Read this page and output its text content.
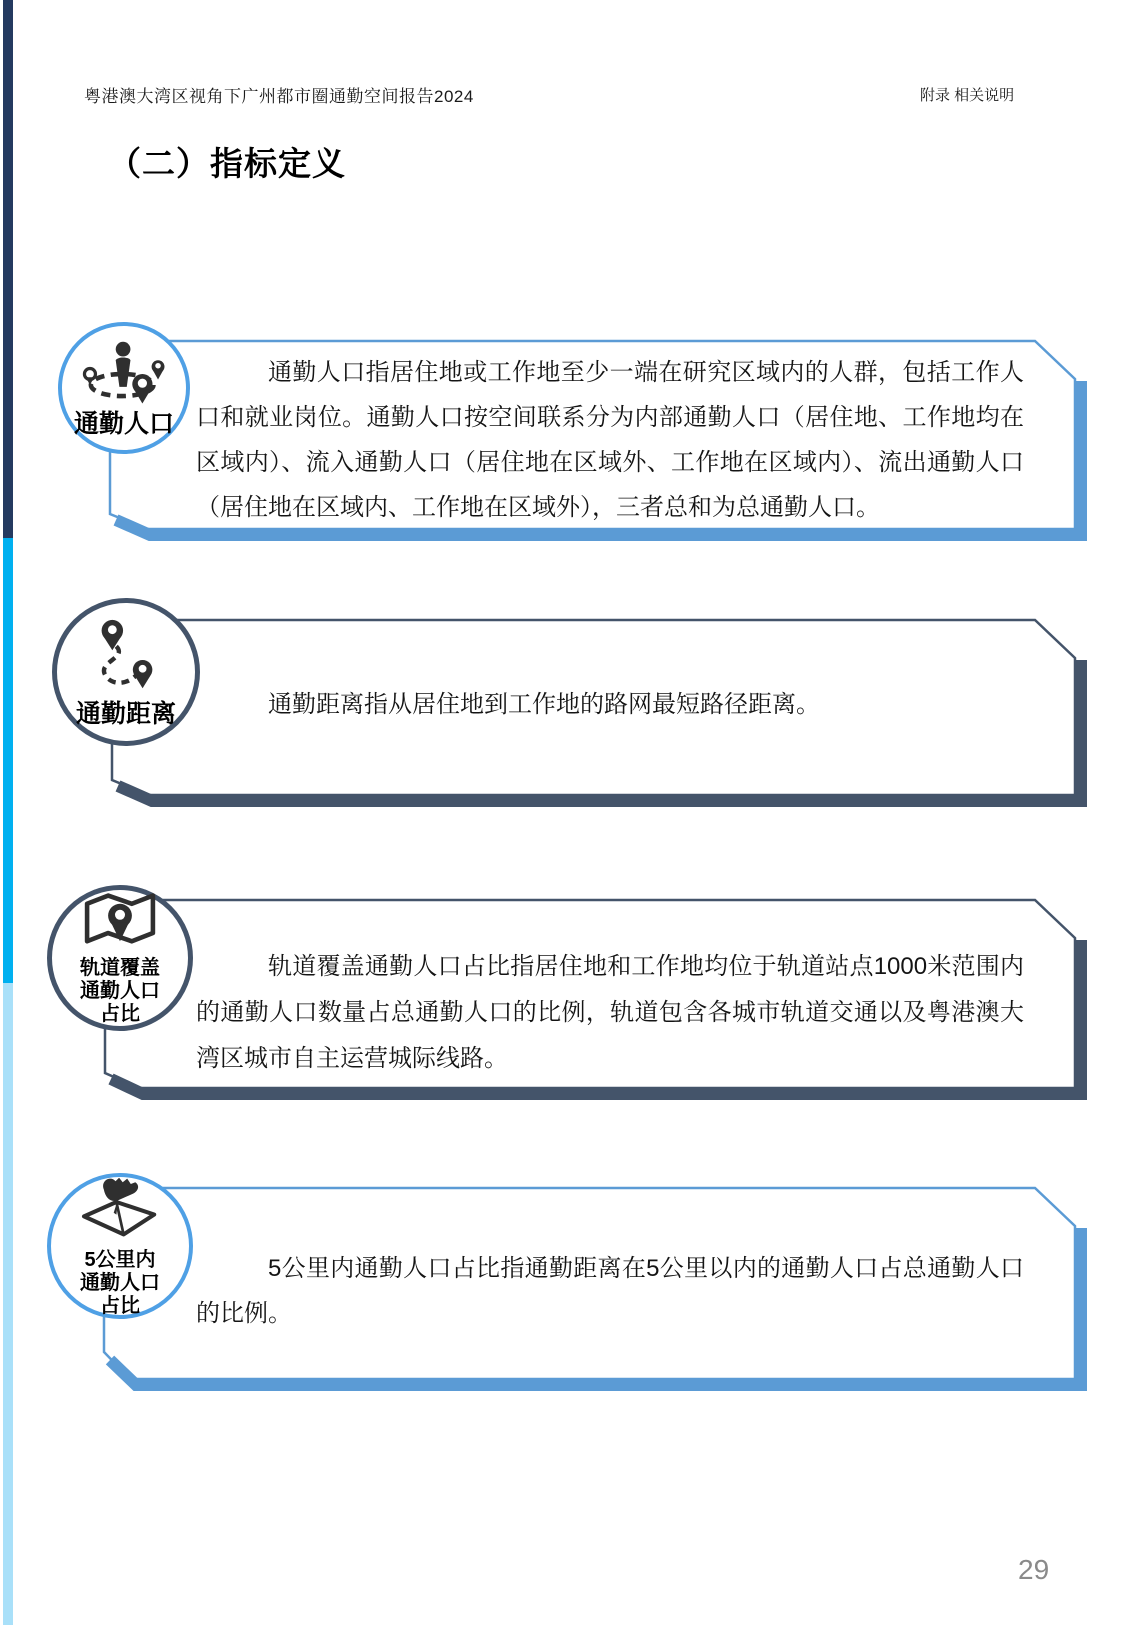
粤港澳大湾区视角下广州都市圈通勤空间报告2024	附录 相关说明
（二）指标定义
通勤人口
通勤距离
轨道覆盖
通勤人口
占比
5公里内
通勤人口
占比

通勤人口指居住地或工作地至少一端在研究区域内的人群，包括工作人口和就业岗位。通勤人口按空间联系分为内部通勤人口（居住地、工作地均在区域内）、流入通勤人口（居住地在区域外、工作地在区域内）、流出通勤人口（居住地在区域内、工作地在区域外），三者总和为总通勤人口。

通勤距离指从居住地到工作地的路网最短路径距离。

轨道覆盖通勤人口占比指居住地和工作地均位于轨道站点1000米范围内的通勤人口数量占总通勤人口的比例，轨道包含各城市轨道交通以及粤港澳大湾区城市自主运营城际线路。

5公里内通勤人口占比指通勤距离在5公里以内的通勤人口占总通勤人口的比例。

29
